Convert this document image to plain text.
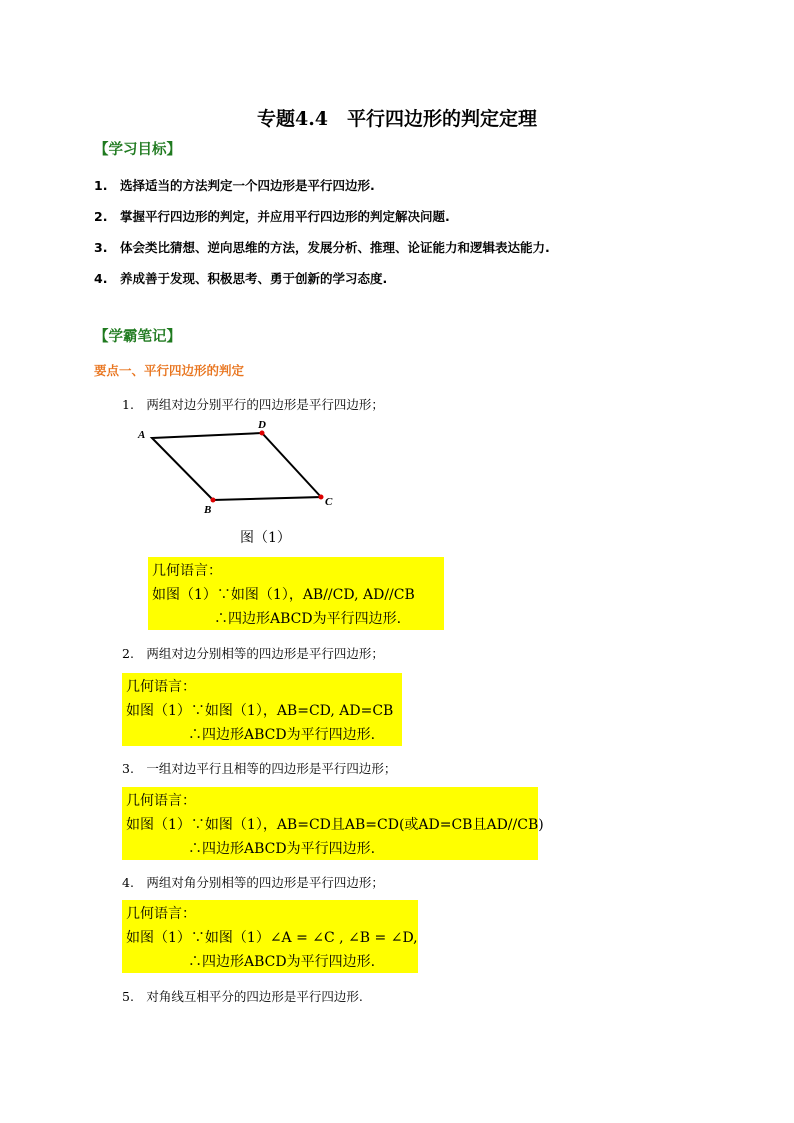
专题4.4　平行四边形的判定定理
【学习目标】
1.　选择适当的方法判定一个四边形是平行四边形.
2.　掌握平行四边形的判定，并应用平行四边形的判定解决问题.
3.　体会类比猜想、逆向思维的方法，发展分析、推理、论证能力和逻辑表达能力.
4.　养成善于发现、积极思考、勇于创新的学习态度.
【学霸笔记】
要点一、平行四边形的判定
1.　两组对边分别平行的四边形是平行四边形；
A
D
C
B
图（1）
几何语言：
如图（1）∵如图（1），AB//CD, AD//CB
∴四边形ABCD为平行四边形.
2.　两组对边分别相等的四边形是平行四边形；
几何语言：
如图（1）∵如图（1），AB=CD, AD=CB
∴四边形ABCD为平行四边形.
3.　一组对边平行且相等的四边形是平行四边形；
几何语言：
如图（1）∵如图（1），AB=CD且AB=CD(或AD=CB且AD//CB)
∴四边形ABCD为平行四边形.
4.　两组对角分别相等的四边形是平行四边形；
几何语言：
如图（1）∵如图（1）∠A = ∠C , ∠B = ∠D,
∴四边形ABCD为平行四边形.
5.　对角线互相平分的四边形是平行四边形.
